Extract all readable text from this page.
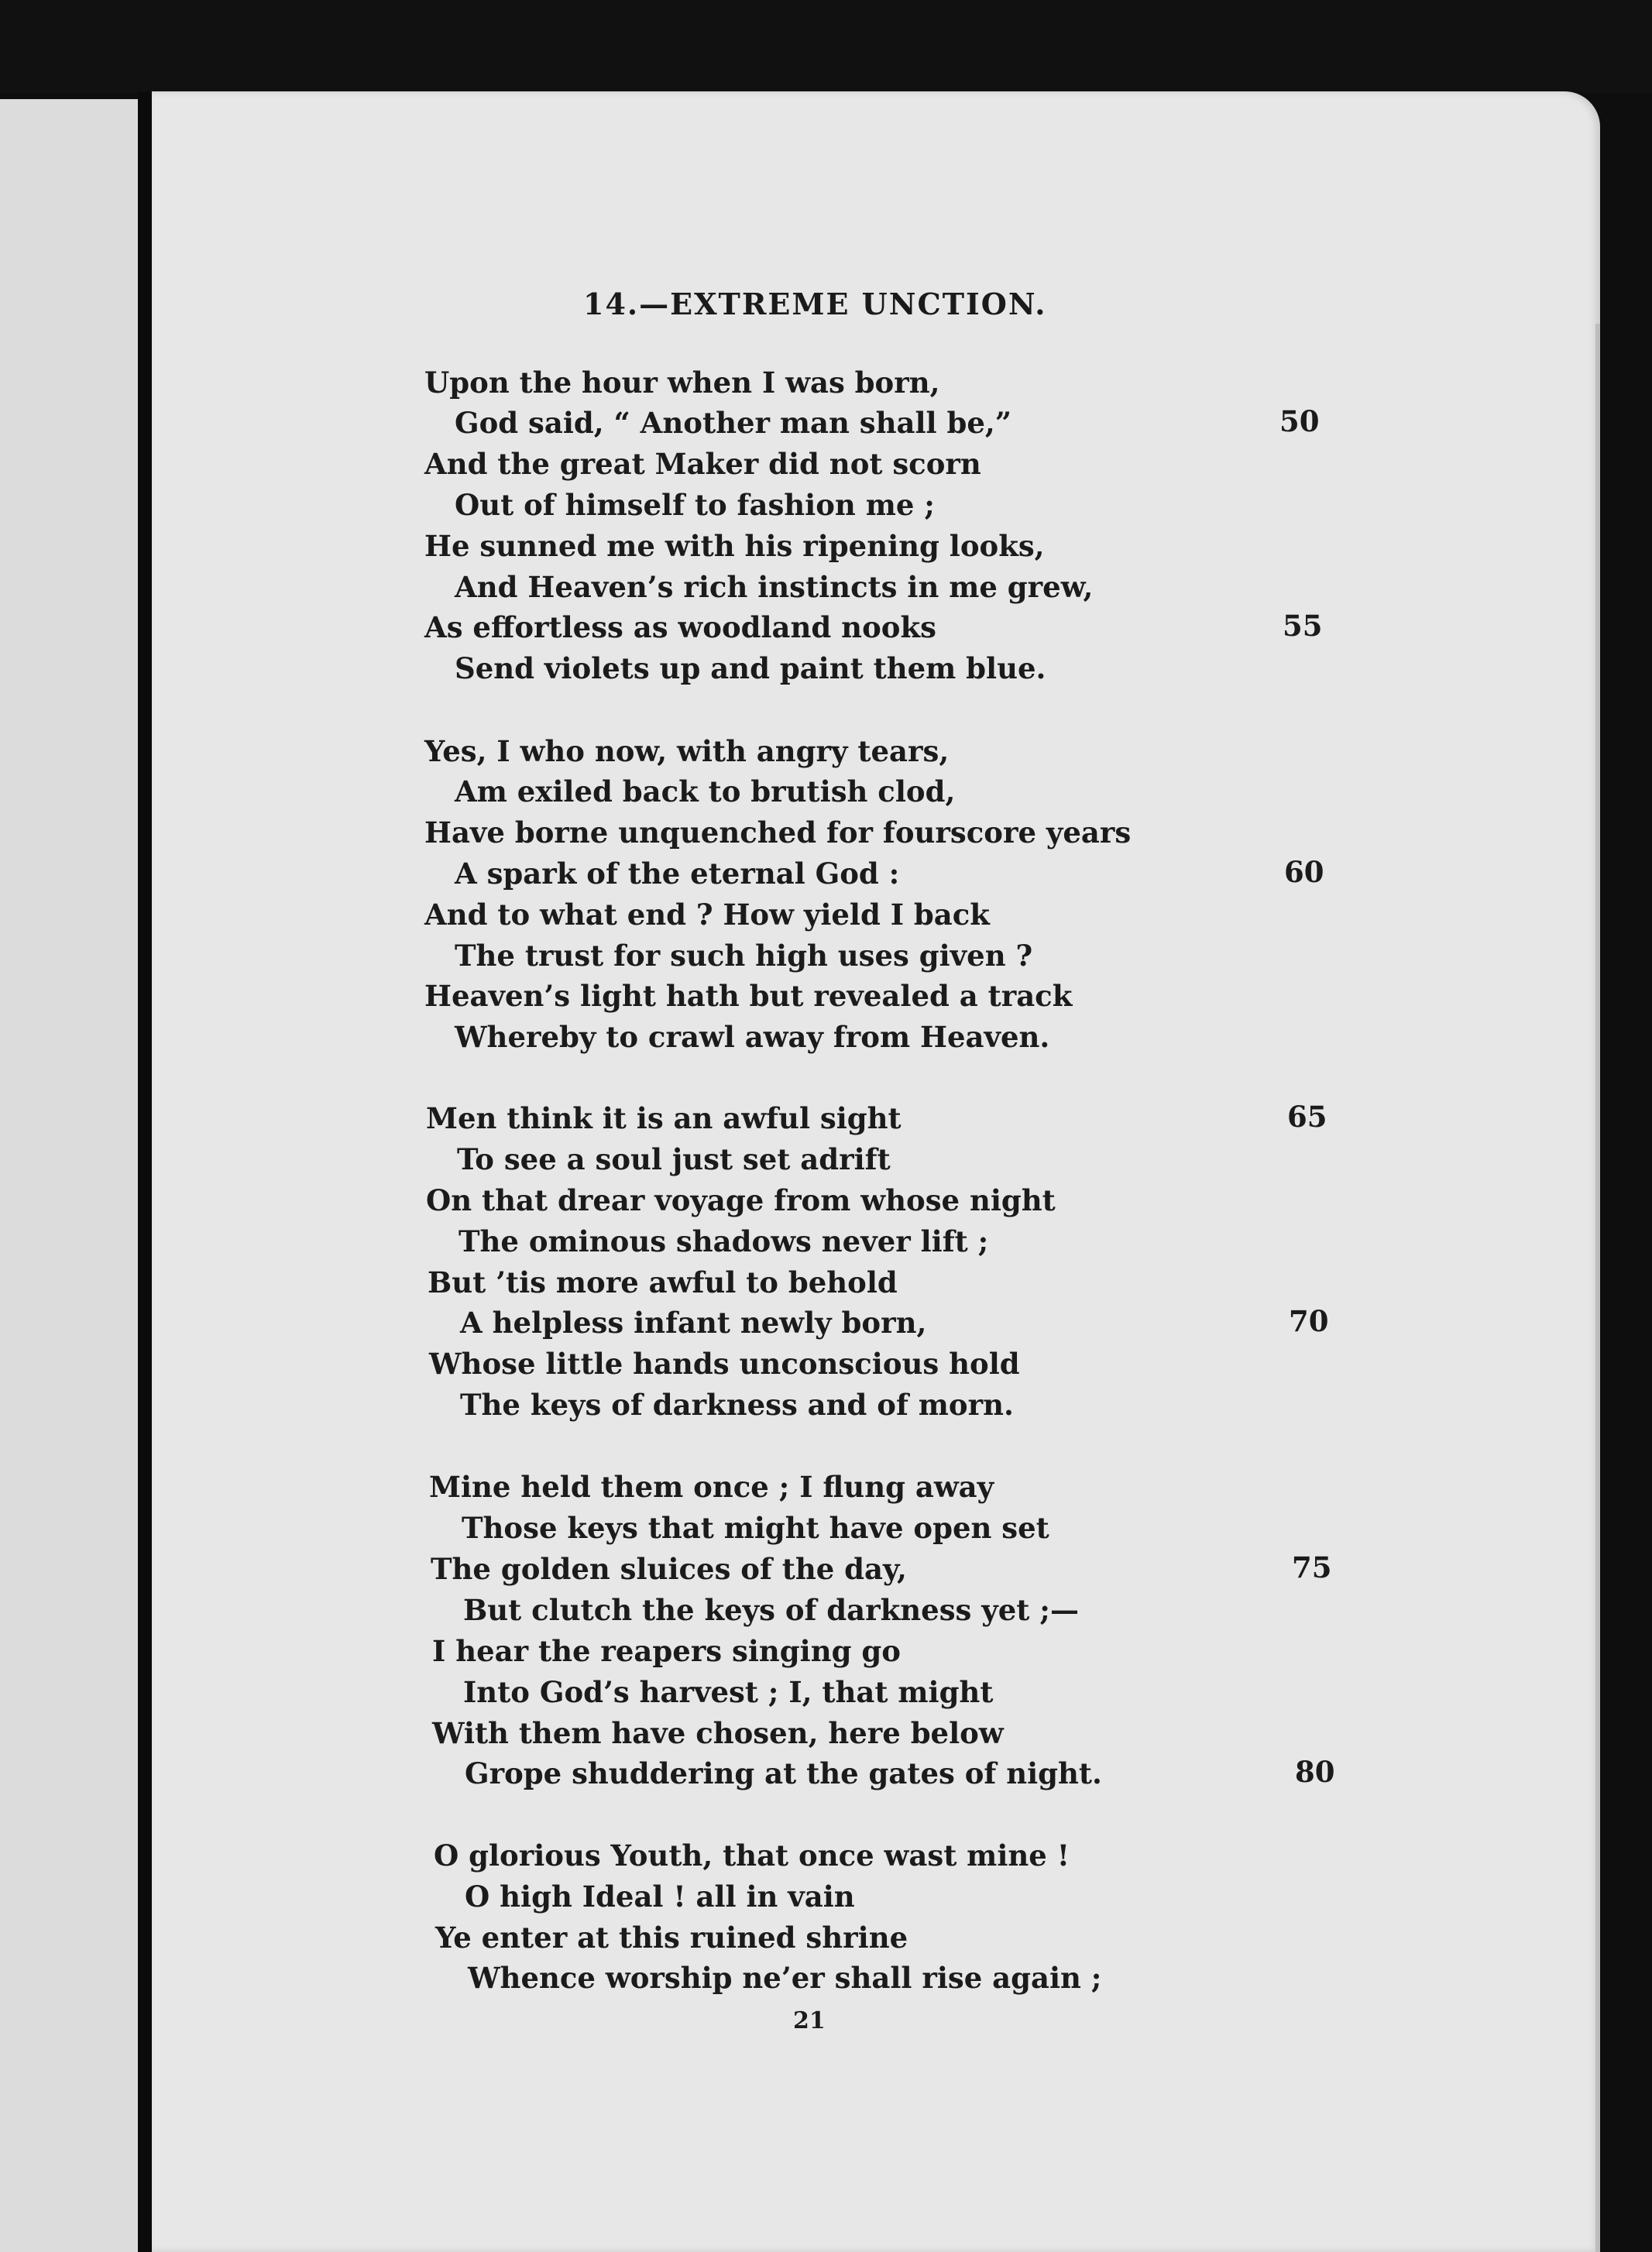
14.—EXTREME UNCTION.
Upon the hour when I was born,
God said, “ Another man shall be,”
And the great Maker did not scorn
Out of himself to fashion me ;
He sunned me with his ripening looks,
And Heaven’s rich instincts in me grew,
As effortless as woodland nooks
Send violets up and paint them blue.
Yes, I who now, with angry tears,
Am exiled back to brutish clod,
Have borne unquenched for fourscore years
A spark of the eternal God :
And to what end ? How yield I back
The trust for such high uses given ?
Heaven’s light hath but revealed a track
Whereby to crawl away from Heaven.
Men think it is an awful sight
To see a soul just set adrift
On that drear voyage from whose night
The ominous shadows never lift ;
But ’tis more awful to behold
A helpless infant newly born,
Whose little hands unconscious hold
The keys of darkness and of morn.
Mine held them once ; I flung away
Those keys that might have open set
The golden sluices of the day,
But clutch the keys of darkness yet ;—
I hear the reapers singing go
Into God’s harvest ; I, that might
With them have chosen, here below
Grope shuddering at the gates of night.
O glorious Youth, that once wast mine !
O high Ideal ! all in vain
Ye enter at this ruined shrine
Whence worship ne’er shall rise again ;
50
55
60
65
70
75
80
21
